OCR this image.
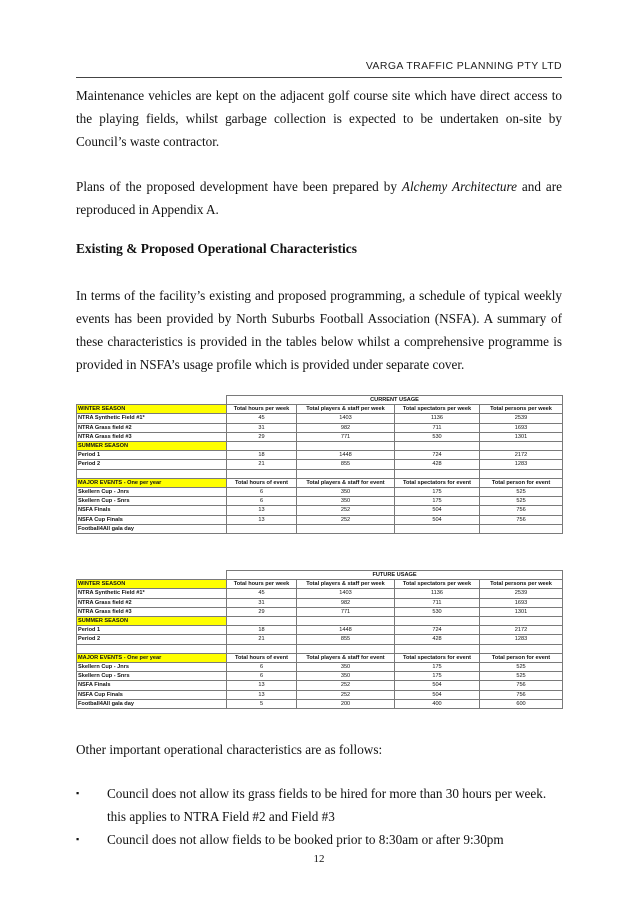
VARGA TRAFFIC PLANNING PTY LTD

Maintenance vehicles are kept on the adjacent golf course site which have direct access to the playing fields, whilst garbage collection is expected to be undertaken on-site by Council’s waste contractor.

Plans of the proposed development have been prepared by Alchemy Architecture and are reproduced in Appendix A.

Existing & Proposed Operational Characteristics

In terms of the facility’s existing and proposed programming, a schedule of typical weekly events has been provided by North Suburbs Football Association (NSFA). A summary of these characteristics is provided in the tables below whilst a comprehensive programme is provided in NSFA’s usage profile which is provided under separate cover.

	CURRENT USAGE			
WINTER SEASON	Total hours per week	Total players & staff per week	Total spectators per week	Total persons per week
NTRA Synthetic Field #1*	45	1403	1136	2539
NTRA Grass field #2	31	982	711	1693
NTRA Grass field #3	29	771	530	1301
SUMMER SEASON				
Period 1	18	1448	724	2172
Period 2	21	855	428	1283

MAJOR EVENTS - One per year	Total hours of event	Total players & staff for event	Total spectators for event	Total person for event
Skellern Cup - Jnrs	6	350	175	525
Skellern Cup - Snrs	6	350	175	525
NSFA Finals	13	252	504	756
NSFA Cup Finals	13	252	504	756
Football4All gala day				
	FUTURE USAGE			
WINTER SEASON	Total hours per week	Total players & staff per week	Total spectators per week	Total persons per week
NTRA Synthetic Field #1*	45	1403	1136	2539
NTRA Grass field #2	31	982	711	1693
NTRA Grass field #3	29	771	530	1301
SUMMER SEASON				
Period 1	18	1448	724	2172
Period 2	21	855	428	1283

MAJOR EVENTS - One per year	Total hours of event	Total players & staff for event	Total spectators for event	Total person for event
Skellern Cup - Jnrs	6	350	175	525
Skellern Cup - Snrs	6	350	175	525
NSFA Finals	13	252	504	756
NSFA Cup Finals	13	252	504	756
Football4All gala day	5	200	400	600

Other important operational characteristics are as follows:

▪ Council does not allow its grass fields to be hired for more than 30 hours per week. this applies to NTRA Field #2 and Field #3
▪ Council does not allow fields to be booked prior to 8:30am or after 9:30pm
12
